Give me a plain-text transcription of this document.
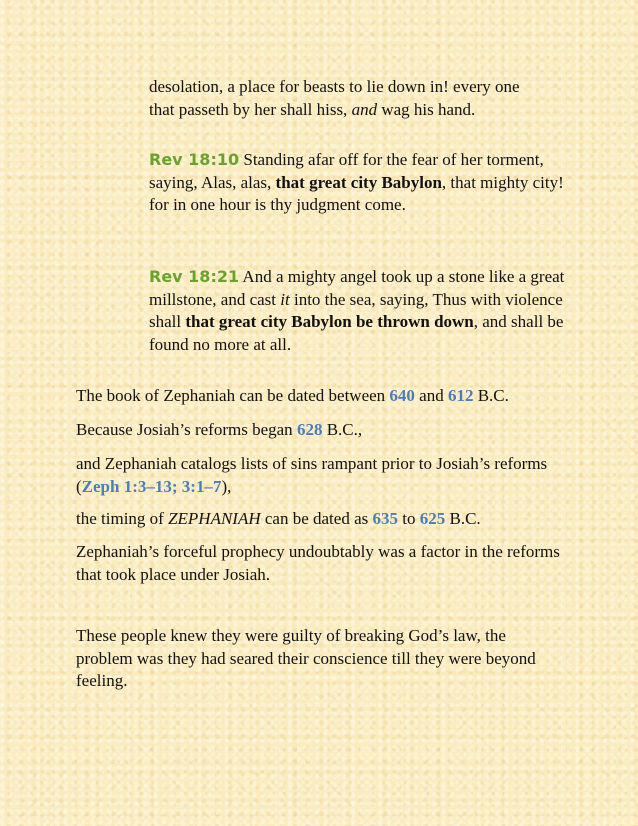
desolation, a place for beasts to lie down in! every one
that passeth by her shall hiss, and wag his hand.
Rev 18:10 Standing afar off for the fear of her torment, saying, Alas, alas, that great city Babylon, that mighty city! for in one hour is thy judgment come.
Rev 18:21 And a mighty angel took up a stone like a great millstone, and cast it into the sea, saying, Thus with violence shall that great city Babylon be thrown down, and shall be found no more at all.
The book of Zephaniah can be dated between 640 and 612 B.C.
Because Josiah’s reforms began 628 B.C.,
and Zephaniah catalogs lists of sins rampant prior to Josiah’s reforms (Zeph 1:3–13; 3:1–7),
the timing of ZEPHANIAH can be dated as 635 to 625 B.C.
Zephaniah’s forceful prophecy undoubtably was a factor in the reforms that took place under Josiah.
These people knew they were guilty of breaking God’s law, the problem was they had seared their conscience till they were beyond feeling.
